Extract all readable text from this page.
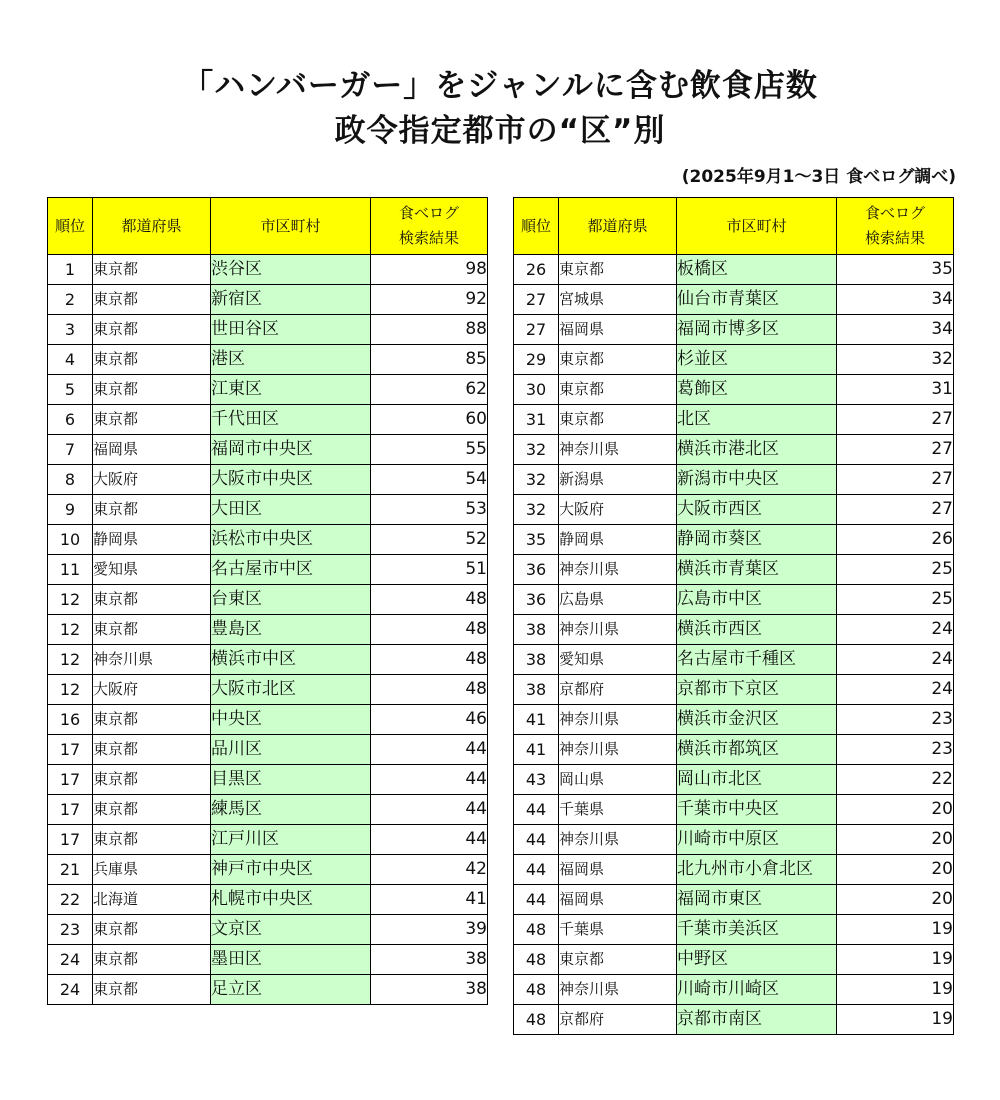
「ハンバーガー」をジャンルに含む飲食店数
政令指定都市の“区”別
(2025年9月1～3日 食べログ調べ)
順位	都道府県	市区町村	食べログ
検索結果

1	東京都	渋谷区	98
2	東京都	新宿区	92
3	東京都	世田谷区	88
4	東京都	港区	85
5	東京都	江東区	62
6	東京都	千代田区	60
7	福岡県	福岡市中央区	55
8	大阪府	大阪市中央区	54
9	東京都	大田区	53
10	静岡県	浜松市中央区	52
11	愛知県	名古屋市中区	51
12	東京都	台東区	48
12	東京都	豊島区	48
12	神奈川県	横浜市中区	48
12	大阪府	大阪市北区	48
16	東京都	中央区	46
17	東京都	品川区	44
17	東京都	目黒区	44
17	東京都	練馬区	44
17	東京都	江戸川区	44
21	兵庫県	神戸市中央区	42
22	北海道	札幌市中央区	41
23	東京都	文京区	39
24	東京都	墨田区	38
24	東京都	足立区	38
順位	都道府県	市区町村	食べログ
検索結果

26	東京都	板橋区	35
27	宮城県	仙台市青葉区	34
27	福岡県	福岡市博多区	34
29	東京都	杉並区	32
30	東京都	葛飾区	31
31	東京都	北区	27
32	神奈川県	横浜市港北区	27
32	新潟県	新潟市中央区	27
32	大阪府	大阪市西区	27
35	静岡県	静岡市葵区	26
36	神奈川県	横浜市青葉区	25
36	広島県	広島市中区	25
38	神奈川県	横浜市西区	24
38	愛知県	名古屋市千種区	24
38	京都府	京都市下京区	24
41	神奈川県	横浜市金沢区	23
41	神奈川県	横浜市都筑区	23
43	岡山県	岡山市北区	22
44	千葉県	千葉市中央区	20
44	神奈川県	川崎市中原区	20
44	福岡県	北九州市小倉北区	20
44	福岡県	福岡市東区	20
48	千葉県	千葉市美浜区	19
48	東京都	中野区	19
48	神奈川県	川崎市川崎区	19
48	京都府	京都市南区	19
